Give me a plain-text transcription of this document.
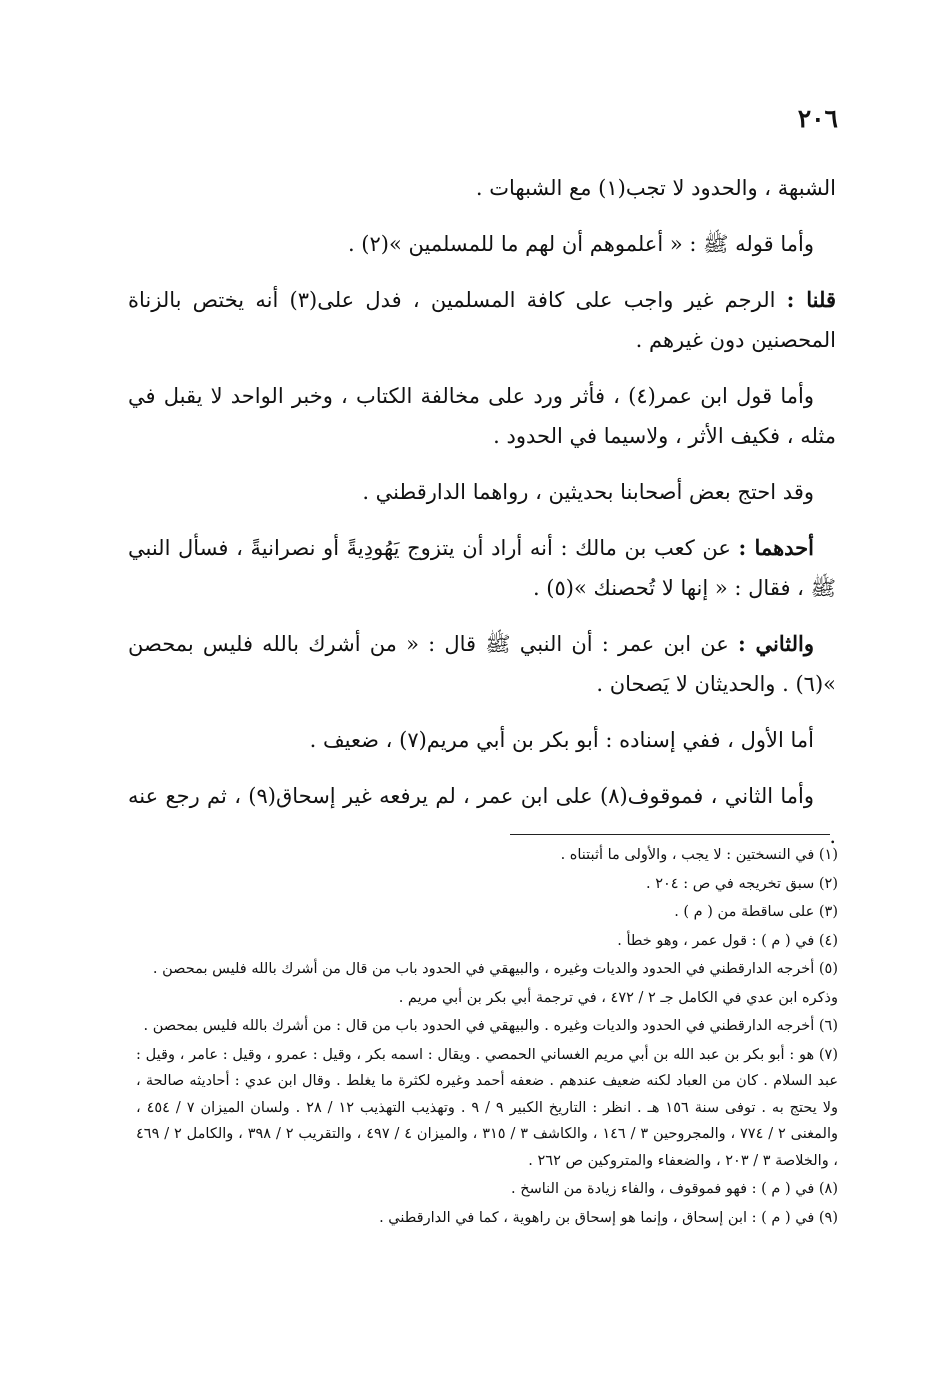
٢٠٦

الشبهة ، والحدود لا تجب(١) مع الشبهات .

وأما قوله ﷺ : « أعلموهم أن لهم ما للمسلمين »(٢) .

قلنا : الرجم غير واجب على كافة المسلمين ، فدل على(٣) أنه يختص بالزناة المحصنين دون غيرهم .

وأما قول ابن عمر(٤) ، فأثر ورد على مخالفة الكتاب ، وخبر الواحد لا يقبل في مثله ، فكيف الأثر ، ولاسيما في الحدود .

وقد احتج بعض أصحابنا بحديثين ، رواهما الدارقطني .

أحدهما : عن كعب بن مالك : أنه أراد أن يتزوج يَهُودِيةً أو نصرانيةً ، فسأل النبي ﷺ ، فقال : « إنها لا تُحصنك »(٥) .

والثاني : عن ابن عمر : أن النبي ﷺ قال : « من أشرك بالله فليس بمحصن »(٦) . والحديثان لا يَصحان .

أما الأول ، ففي إسناده : أبو بكر بن أبي مريم(٧) ، ضعيف .

وأما الثاني ، فموقوف(٨) على ابن عمر ، لم يرفعه غير إسحاق(٩) ، ثم رجع عنه .

(١) في النسختين : لا يجب ، والأولى ما أثبتناه .

(٢) سبق تخريجه في ص : ٢٠٤ .

(٣) على ساقطة من ( م ) .

(٤) في ( م ) : قول عمر ، وهو خطأ .

(٥) أخرجه الدارقطني في الحدود والديات وغيره ، والبيهقي في الحدود باب من قال من أشرك بالله فليس بمحصن .

وذكره ابن عدي في الكامل جـ ٢ / ٤٧٢ ، في ترجمة أبي بكر بن أبي مريم .

(٦) أخرجه الدارقطني في الحدود والديات وغيره . والبيهقي في الحدود باب من قال : من أشرك بالله فليس بمحصن .

(٧) هو : أبو بكر بن عبد الله بن أبي مريم الغساني الحمصي . ويقال : اسمه بكر ، وقيل : عمرو ، وقيل : عامر ، وقيل : عبد السلام . كان من العباد لكنه ضعيف عندهم . ضعفه أحمد وغيره لكثرة ما يغلط . وقال ابن عدي : أحاديثه صالحة ، ولا يحتج به . توفى سنة ١٥٦ هـ . انظر : التاريخ الكبير ٩ / ٩ . وتهذيب التهذيب ١٢ / ٢٨ . ولسان الميزان ٧ / ٤٥٤ ، والمغنى ٢ / ٧٧٤ ، والمجروحين ٣ / ١٤٦ ، والكاشف ٣ / ٣١٥ ، والميزان ٤ / ٤٩٧ ، والتقريب ٢ / ٣٩٨ ، والكامل ٢ / ٤٦٩ ، والخلاصة ٣ / ٢٠٣ ، والضعفاء والمتروكين ص ٢٦٢ .

(٨) في ( م ) : فهو فموقوف ، والفاء زيادة من الناسخ .

(٩) في ( م ) : ابن إسحاق ، وإنما هو إسحاق بن راهوية ، كما في الدارقطني .
